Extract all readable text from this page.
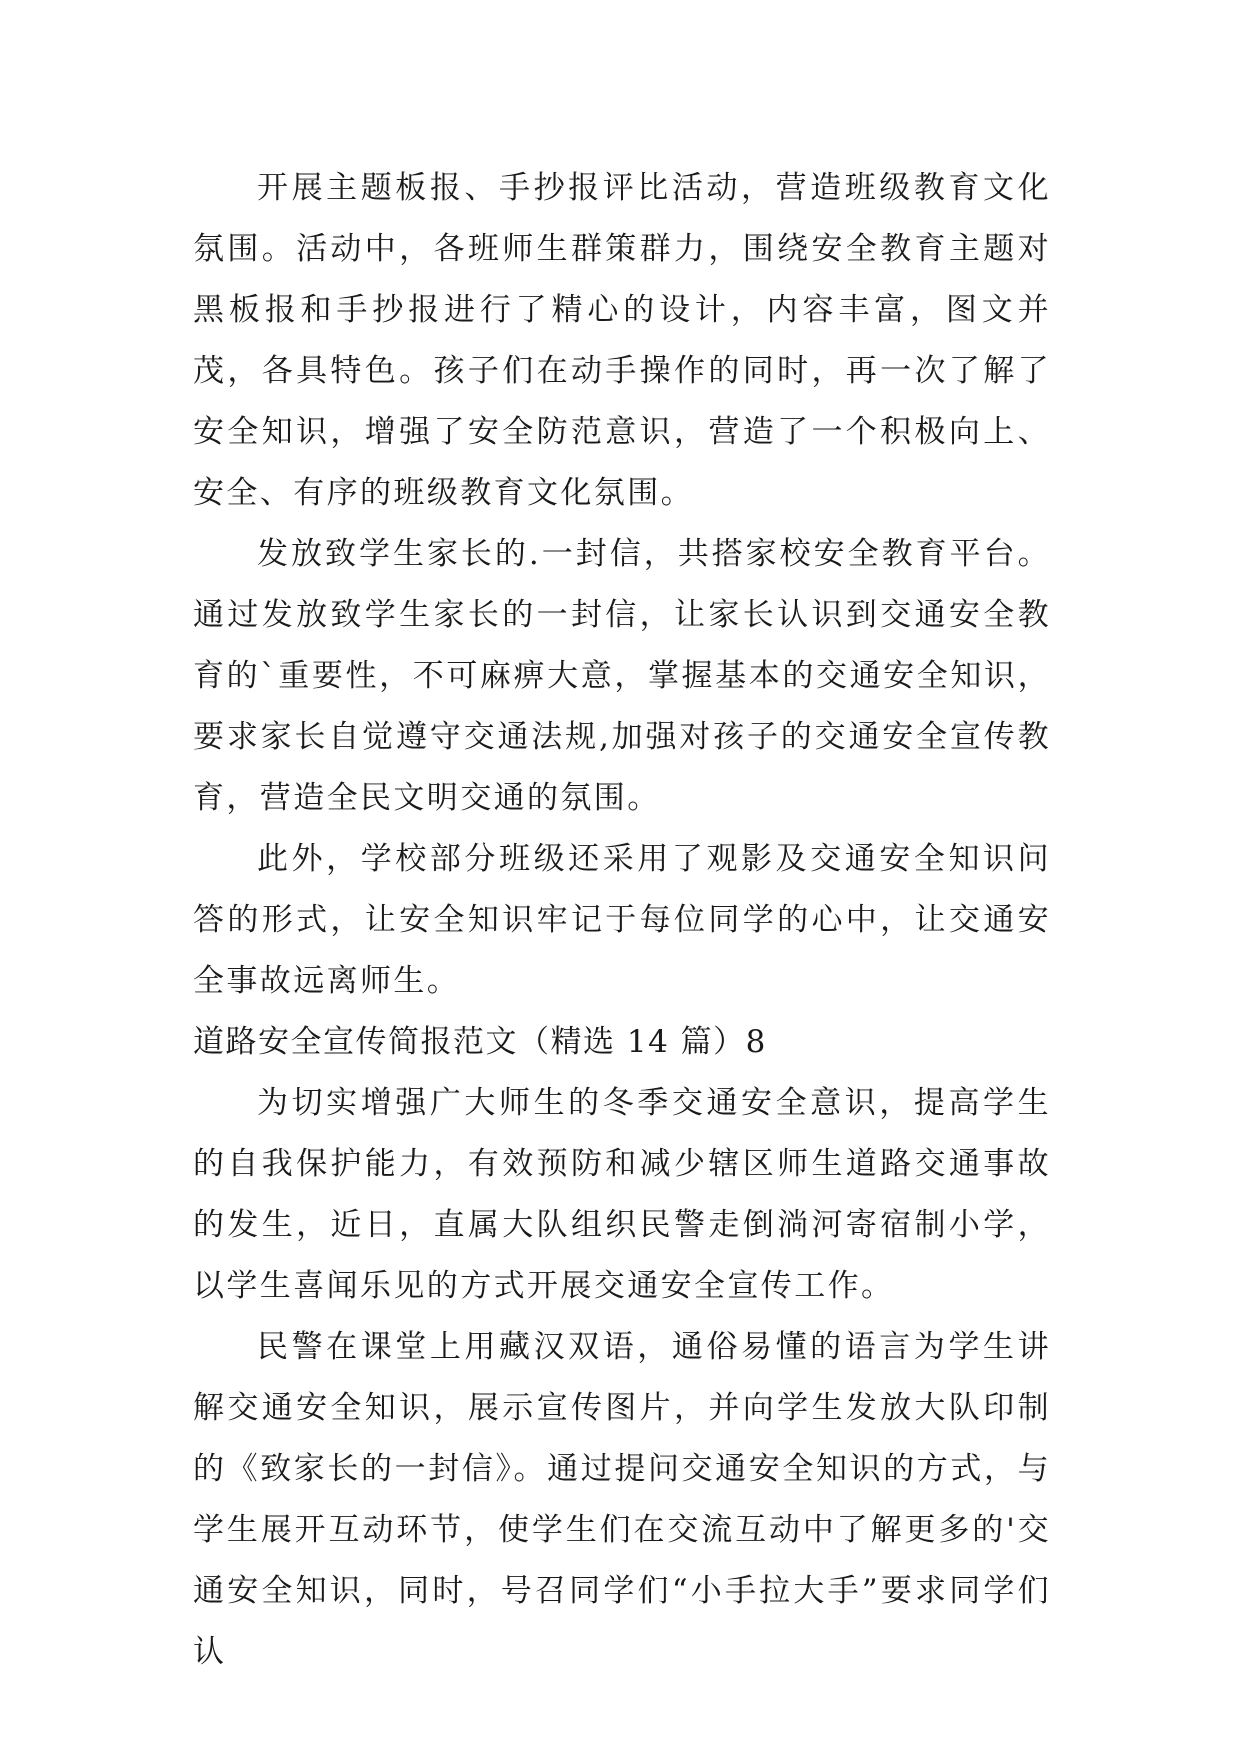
开展主题板报、手抄报评比活动，营造班级教育文化氛围。活动中，各班师生群策群力，围绕安全教育主题对黑板报和手抄报进行了精心的设计，内容丰富，图文并茂，各具特色。孩子们在动手操作的同时，再一次了解了安全知识，增强了安全防范意识，营造了一个积极向上、安全、有序的班级教育文化氛围。

发放致学生家长的.一封信，共搭家校安全教育平台。通过发放致学生家长的一封信，让家长认识到交通安全教育的`重要性，不可麻痹大意，掌握基本的交通安全知识，要求家长自觉遵守交通法规,加强对孩子的交通安全宣传教育，营造全民文明交通的氛围。

此外，学校部分班级还采用了观影及交通安全知识问答的形式，让安全知识牢记于每位同学的心中，让交通安全事故远离师生。

道路安全宣传简报范文（精选 14 篇）8

为切实增强广大师生的冬季交通安全意识，提高学生的自我保护能力，有效预防和减少辖区师生道路交通事故的发生，近日，直属大队组织民警走倒淌河寄宿制小学，以学生喜闻乐见的方式开展交通安全宣传工作。

民警在课堂上用藏汉双语，通俗易懂的语言为学生讲解交通安全知识，展示宣传图片，并向学生发放大队印制的《致家长的一封信》。通过提问交通安全知识的方式，与学生展开互动环节，使学生们在交流互动中了解更多的'交通安全知识，同时，号召同学们“小手拉大手”要求同学们认
